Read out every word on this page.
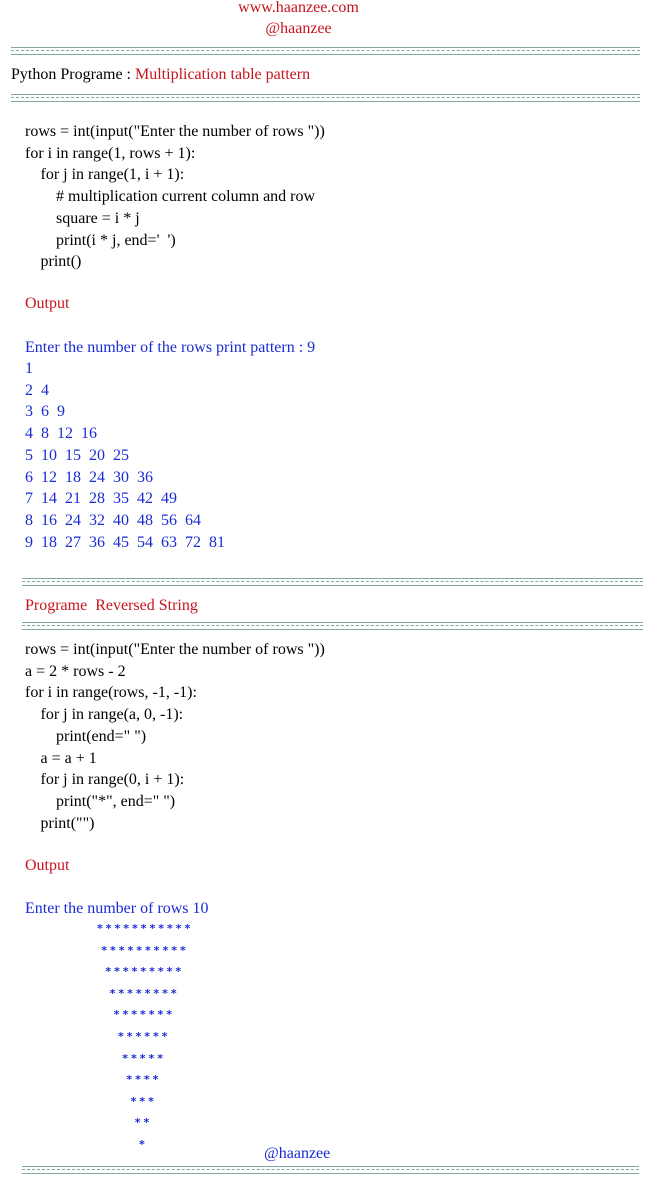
www.haanzee.com
@haanzee
Python Programe : Multiplication table pattern
rows = int(input("Enter the number of rows "))
for i in range(1, rows + 1):
for j in range(1, i + 1):
# multiplication current column and row
square = i * j
print(i * j, end='  ')
print()
Output
Enter the number of the rows print pattern : 9
1
2  4
3  6  9
4  8  12  16
5  10  15  20  25
6  12  18  24  30  36
7  14  21  28  35  42  49
8  16  24  32  40  48  56  64
9  18  27  36  45  54  63  72  81
Programe  Reversed String
rows = int(input("Enter the number of rows "))
a = 2 * rows - 2
for i in range(rows, -1, -1):
for j in range(a, 0, -1):
print(end=" ")
a = a + 1
for j in range(0, i + 1):
print("*", end=" ")
print("")
Output
Enter the number of rows 10
***********
**********
*********
********
*******
******
*****
****
***
**
*
@haanzee
